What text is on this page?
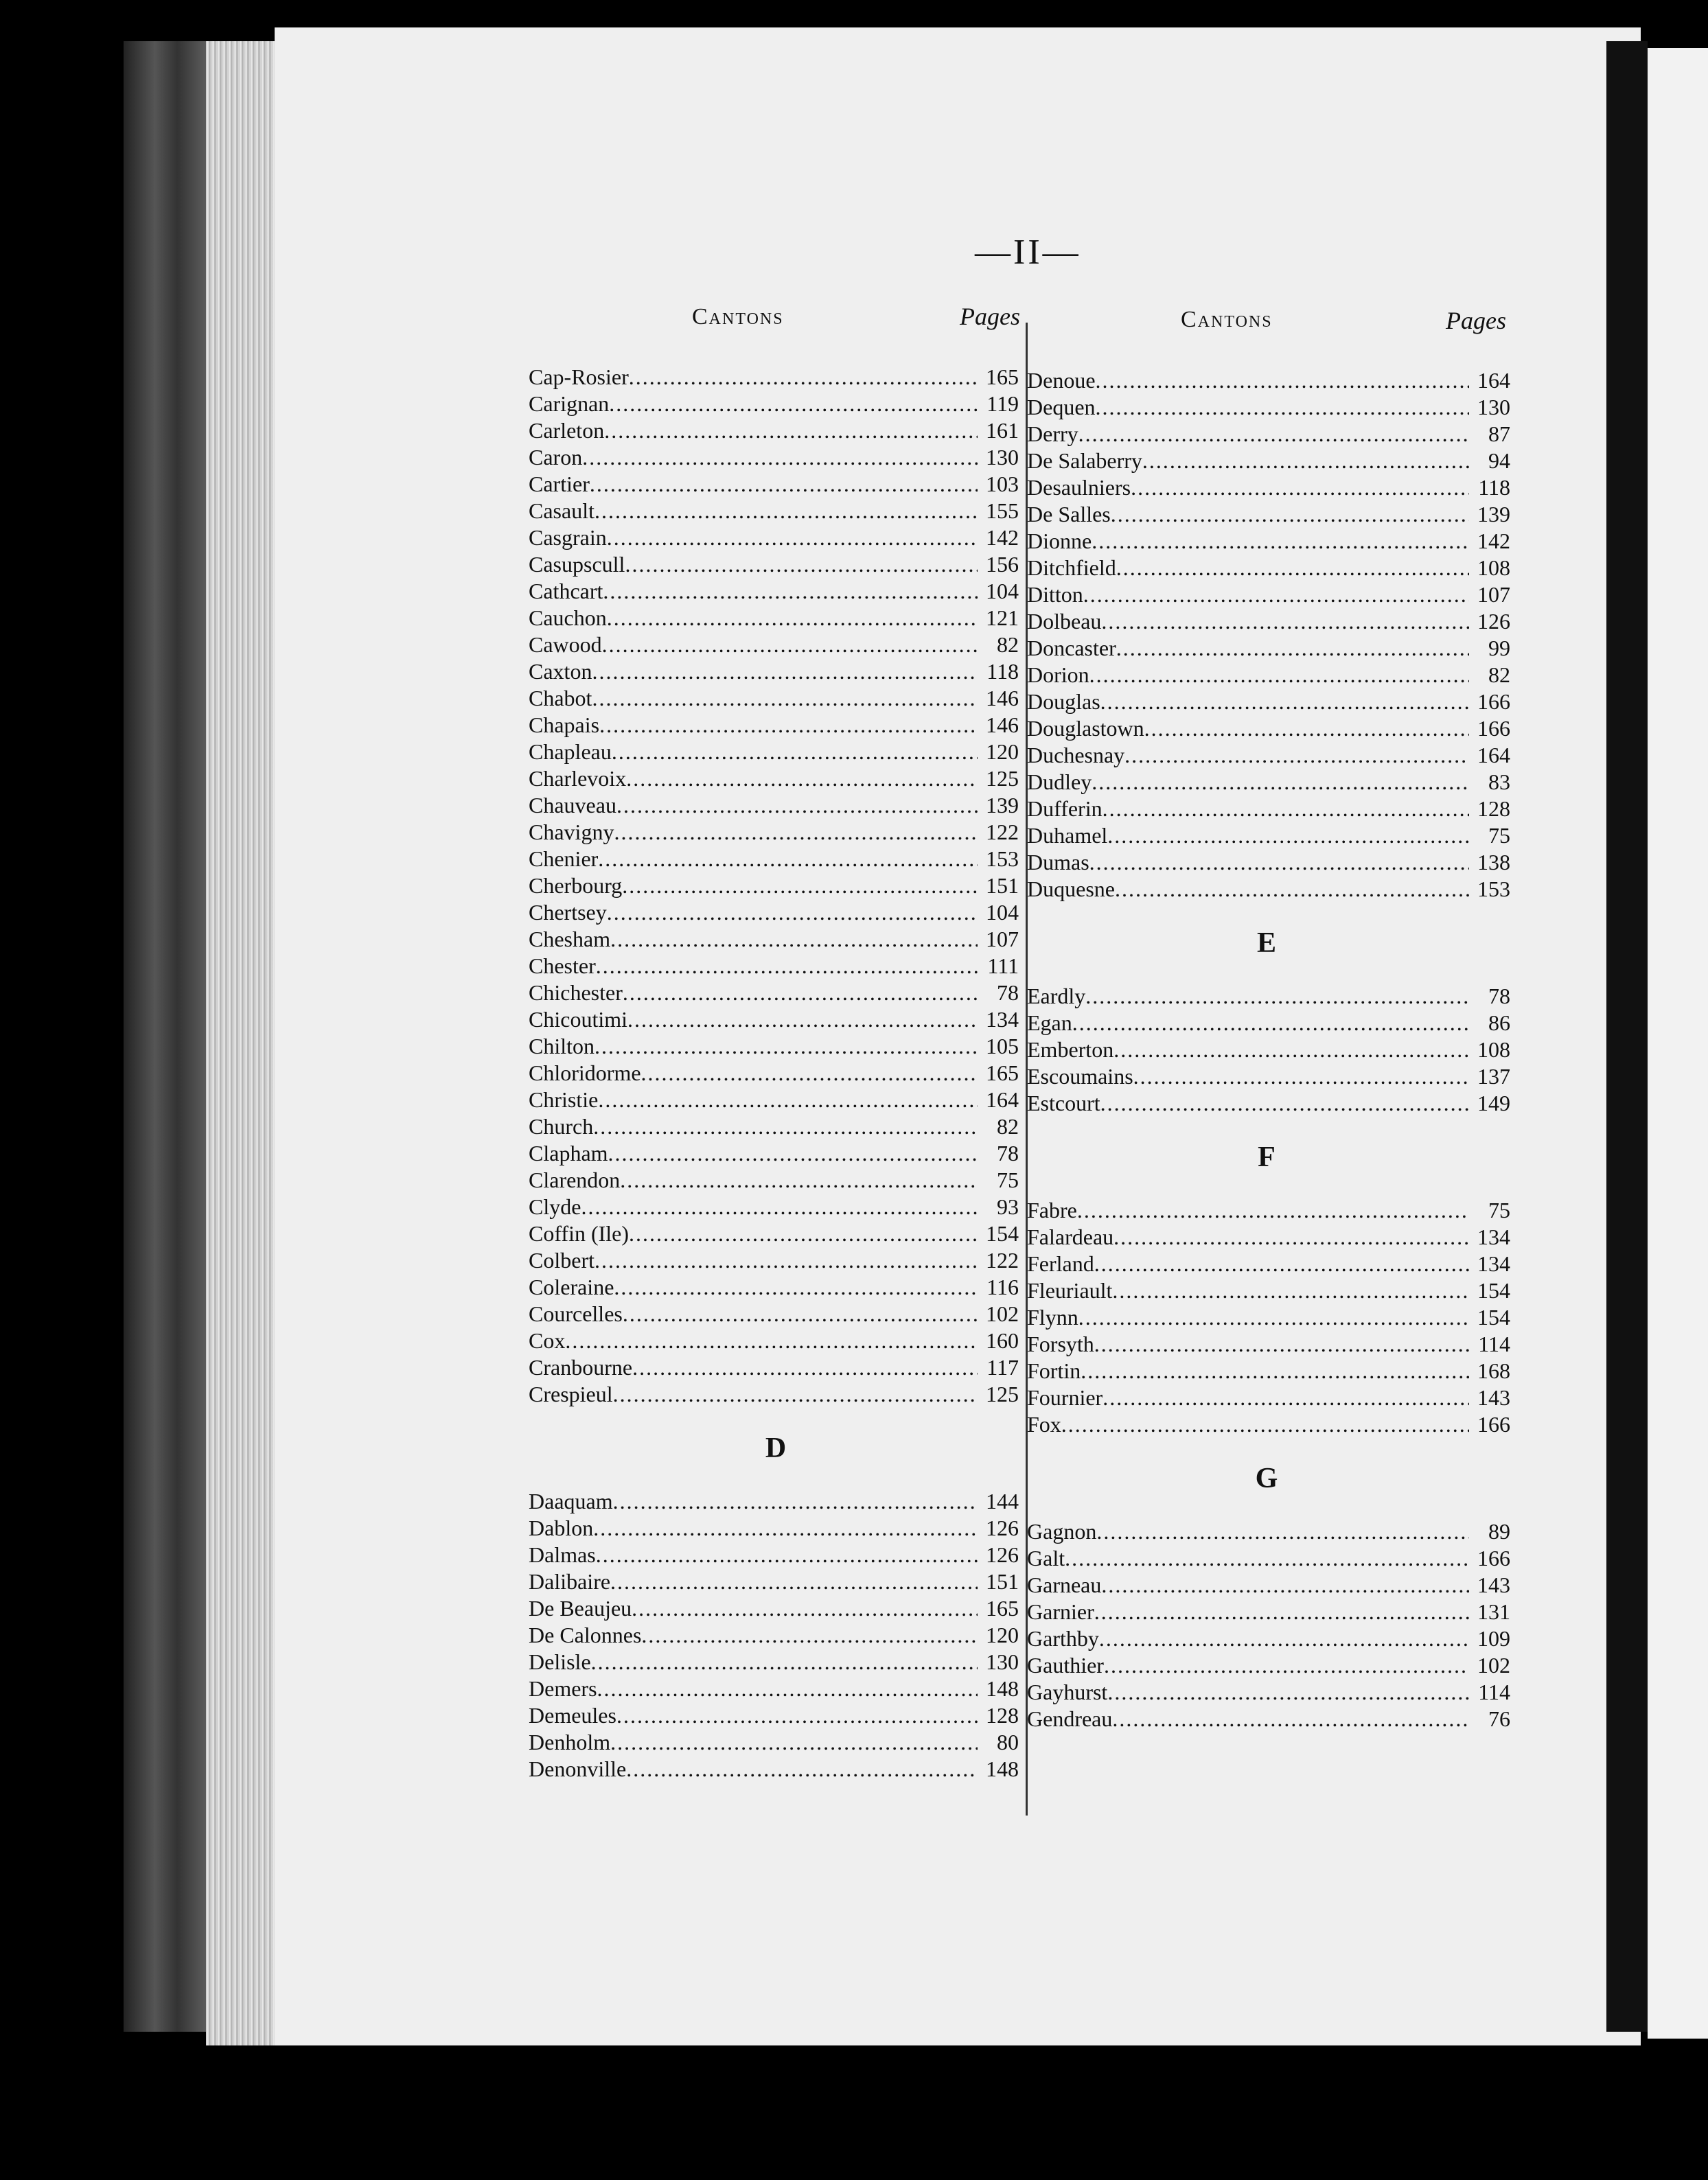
—II—
Cantons	Pages	Cantons	Pages
Cap-Rosier .....	165
Carignan .....	119
Carleton .....	161
Caron .....	130
Cartier .....	103
Casault .....	155
Casgrain .....	142
Casupscull .....	156
Cathcart .....	104
Cauchon .....	121
Cawood .....	82
Caxton .....	118
Chabot .....	146
Chapais .....	146
Chapleau .....	120
Charlevoix .....	125
Chauveau .....	139
Chavigny .....	122
Chenier .....	153
Cherbourg .....	151
Chertsey .....	104
Chesham .....	107
Chester .....	111
Chichester .....	78
Chicoutimi .....	134
Chilton .....	105
Chloridorme .....	165
Christie .....	164
Church .....	82
Clapham .....	78
Clarendon .....	75
Clyde .....	93
Coffin (Ile) .....	154
Colbert .....	122
Coleraine .....	116
Courcelles .....	102
Cox .....	160
Cranbourne .....	117
Crespieul .....	125
D
Daaquam .....	144
Dablon .....	126
Dalmas .....	126
Dalibaire .....	151
De Beaujeu .....	165
De Calonnes .....	120
Delisle .....	130
Demers .....	148
Demeules .....	128
Denholm .....	80
Denonville .....	148
Denoue .....	164
Dequen .....	130
Derry .....	87
De Salaberry .....	94
Desaulniers .....	118
De Salles .....	139
Dionne .....	142
Ditchfield .....	108
Ditton .....	107
Dolbeau .....	126
Doncaster .....	99
Dorion .....	82
Douglas .....	166
Douglastown .....	166
Duchesnay .....	164
Dudley .....	83
Dufferin .....	128
Duhamel .....	75
Dumas .....	138
Duquesne .....	153
E
Eardly .....	78
Egan .....	86
Emberton .....	108
Escoumains .....	137
Estcourt .....	149
F
Fabre .....	75
Falardeau .....	134
Ferland .....	134
Fleuriault .....	154
Flynn .....	154
Forsyth .....	114
Fortin .....	168
Fournier .....	143
Fox .....	166
G
Gagnon .....	89
Galt .....	166
Garneau .....	143
Garnier .....	131
Garthby .....	109
Gauthier .....	102
Gayhurst .....	114
Gendreau .....	76
